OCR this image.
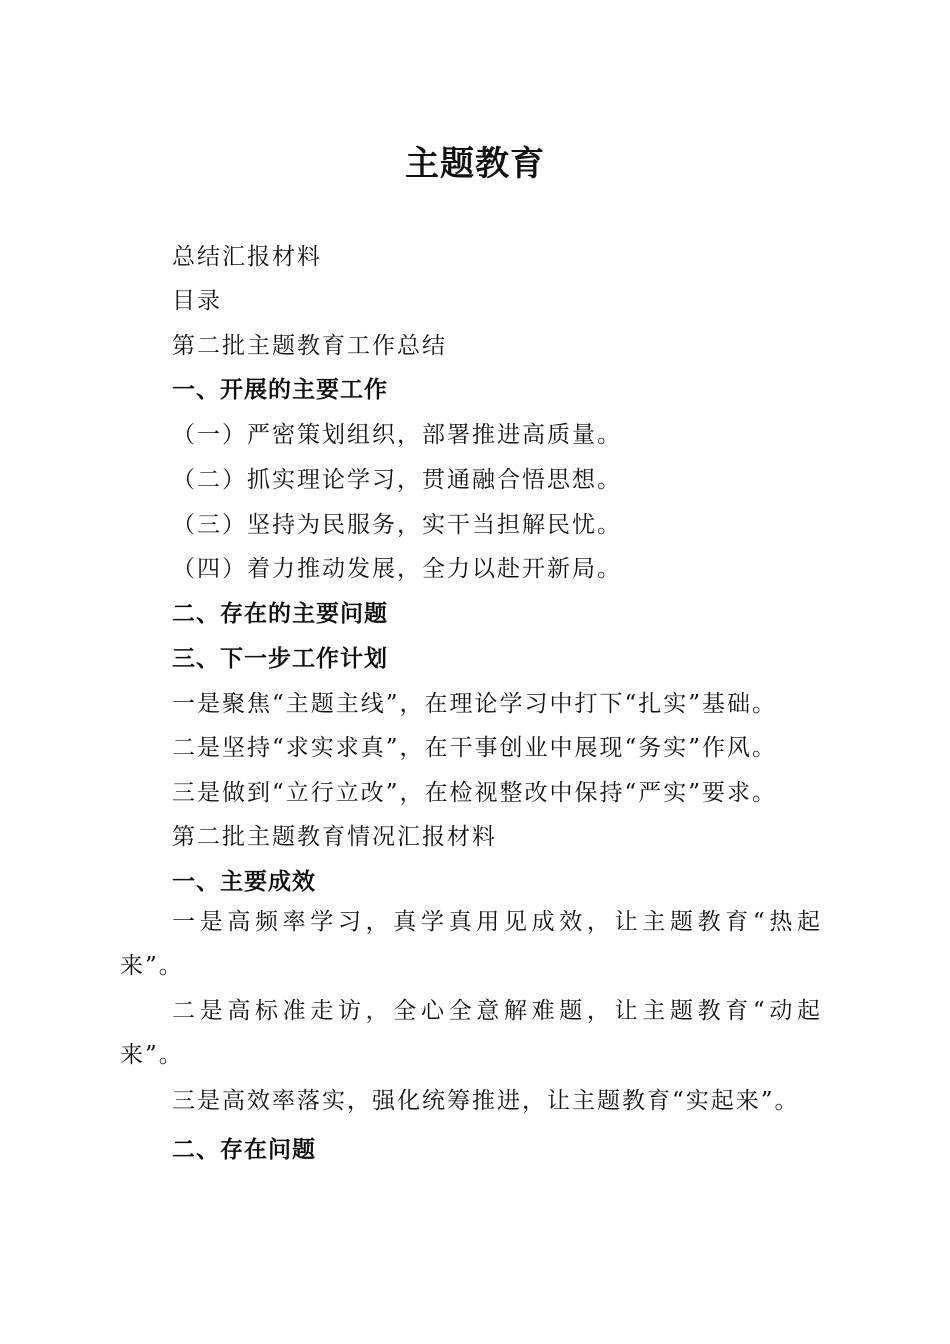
主题教育
总结汇报材料
目录
第二批主题教育工作总结
一、开展的主要工作
（一）严密策划组织，部署推进高质量。
（二）抓实理论学习，贯通融合悟思想。
（三）坚持为民服务，实干当担解民忧。
（四）着力推动发展，全力以赴开新局。
二、存在的主要问题
三、下一步工作计划
一是聚焦“主题主线”，在理论学习中打下“扎实”基础。
二是坚持“求实求真”，在干事创业中展现“务实”作风。
三是做到“立行立改”，在检视整改中保持“严实”要求。
第二批主题教育情况汇报材料
一、主要成效
一是高频率学习，真学真用见成效，让主题教育“热起来”。
二是高标准走访，全心全意解难题，让主题教育“动起来”。
三是高效率落实，强化统筹推进，让主题教育“实起来”。
二、存在问题
